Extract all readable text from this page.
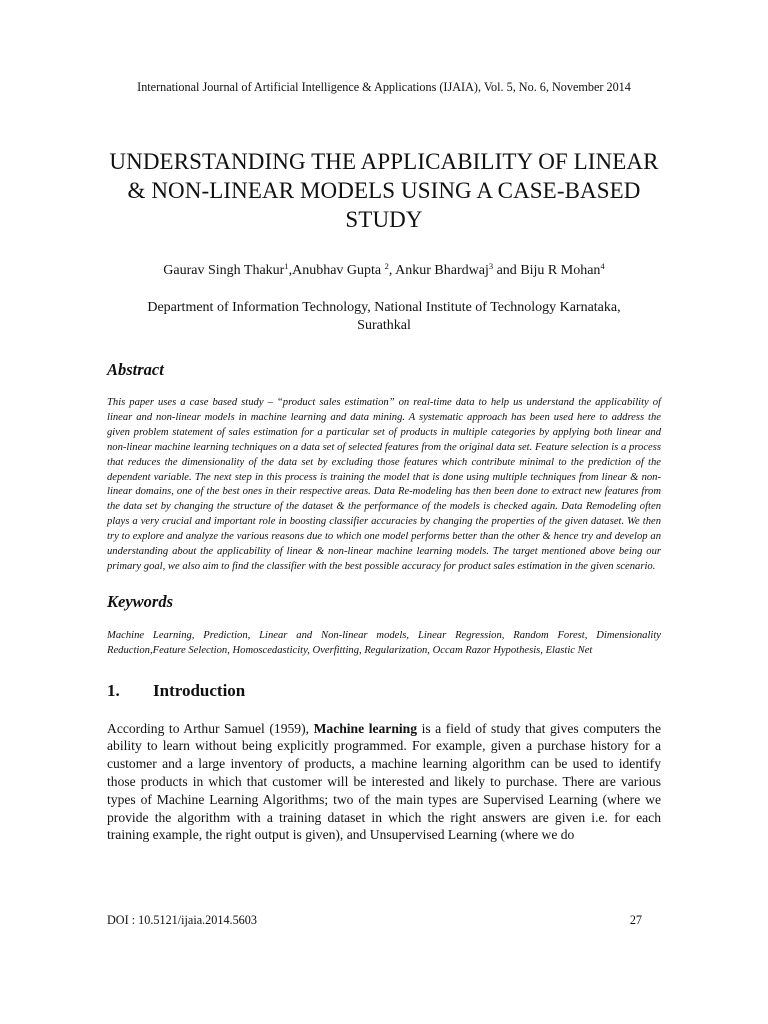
International Journal of Artificial Intelligence & Applications (IJAIA), Vol. 5, No. 6, November 2014
UNDERSTANDING THE APPLICABILITY OF LINEAR & NON-LINEAR MODELS USING A CASE-BASED STUDY
Gaurav Singh Thakur$^1$,Anubhav Gupta $^2$, Ankur Bhardwaj$^3$ and Biju R Mohan$^4$
Department of Information Technology, National Institute of Technology Karnataka,
Surathkal
Abstract
This paper uses a case based study – “product sales estimation” on real-time data to help us understand the applicability of linear and non-linear models in machine learning and data mining. A systematic approach has been used here to address the given problem statement of sales estimation for a particular set of products in multiple categories by applying both linear and non-linear machine learning techniques on a data set of selected features from the original data set. Feature selection is a process that reduces the dimensionality of the data set by excluding those features which contribute minimal to the prediction of the dependent variable. The next step in this process is training the model that is done using multiple techniques from linear & non-linear domains, one of the best ones in their respective areas. Data Re-modeling has then been done to extract new features from the data set by changing the structure of the dataset & the performance of the models is checked again. Data Remodeling often plays a very crucial and important role in boosting classifier accuracies by changing the properties of the given dataset. We then try to explore and analyze the various reasons due to which one model performs better than the other & hence try and develop an understanding about the applicability of linear & non-linear machine learning models. The target mentioned above being our primary goal, we also aim to find the classifier with the best possible accuracy for product sales estimation in the given scenario.
Keywords
Machine Learning, Prediction, Linear and Non-linear models, Linear Regression, Random Forest, Dimensionality Reduction,Feature Selection, Homoscedasticity, Overfitting, Regularization, Occam Razor Hypothesis, Elastic Net
1.	Introduction
According to Arthur Samuel (1959), Machine learning is a field of study that gives computers the ability to learn without being explicitly programmed. For example, given a purchase history for a customer and a large inventory of products, a machine learning algorithm can be used to identify those products in which that customer will be interested and likely to purchase. There are various types of Machine Learning Algorithms; two of the main types are Supervised Learning (where we provide the algorithm with a training dataset in which the right answers are given i.e. for each training example, the right output is given), and Unsupervised Learning (where we do
DOI : 10.5121/ijaia.2014.5603	27
